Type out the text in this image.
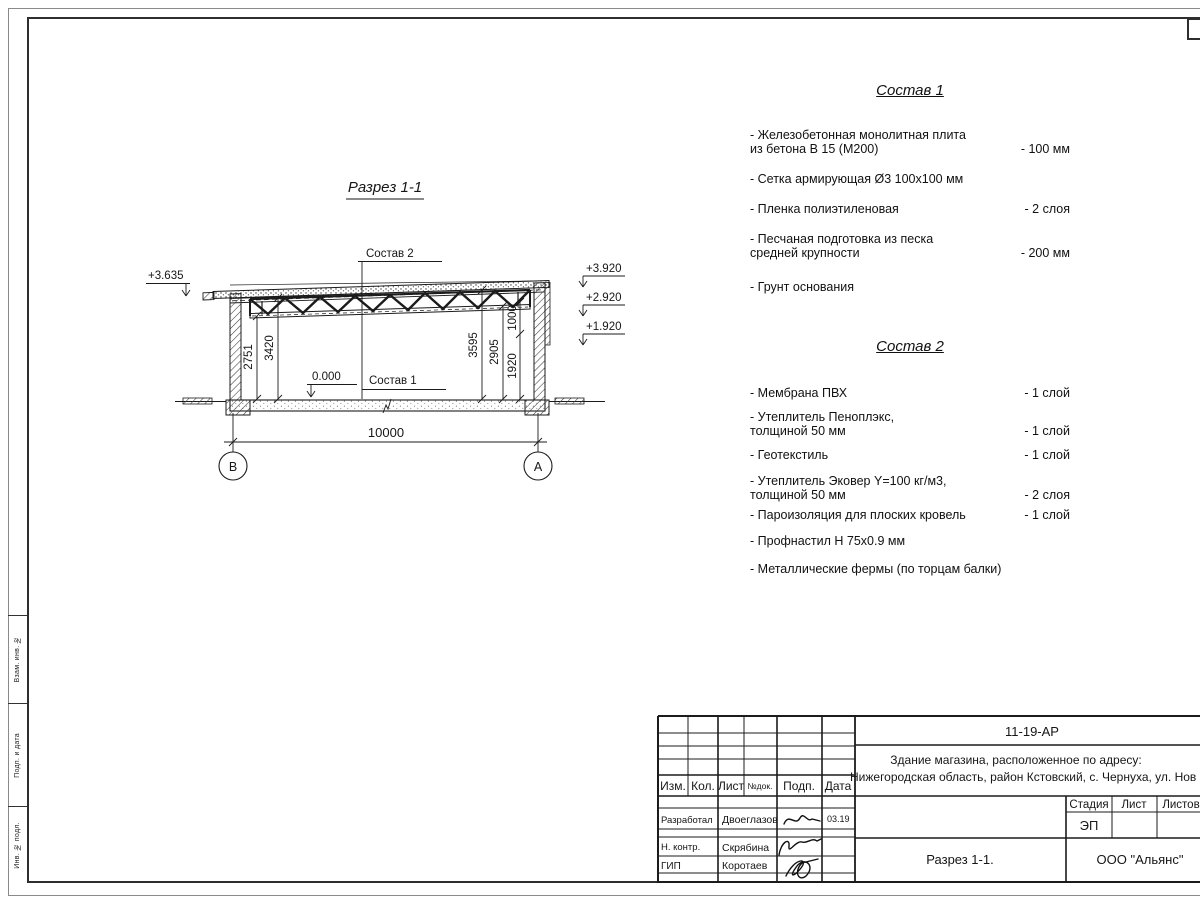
Взам. инв. №
Подп. и дата
Инв. № подл.
Разрез 1-1
Состав 2
Состав 1
+3.635
+3.920
+2.920
+1.920
0.000
2751 3420	3595 2905
1920
1000
10000
В	А
Состав 1
- Железобетонная монолитная плита
из бетона В 15 (М200)	- 100 мм
- Сетка армирующая Ø3 100x100 мм
- Пленка полиэтиленовая	- 2 слоя
- Песчаная подготовка из песка
средней крупности	- 200 мм
- Грунт основания
Состав 2
- Мембрана ПВХ	- 1 слой
- Утеплитель Пеноплэкс,
толщиной 50 мм	- 1 слой
- Геотекстиль	- 1 слой
- Утеплитель Эковер Y=100 кг/м3,
толщиной 50 мм	- 2 слоя
- Пароизоляция для плоских кровель	- 1 слой
- Профнастил Н 75х0.9 мм
- Металлические фермы (по торцам балки)
Изм. Кол. Лист №док. Подп. Дата
Разработал Двоеглазов	03.19
Н. контр. Скрябина
ГИП	Коротаев
11-19-АР
Здание магазина, расположенное по адресу:
Нижегородская область, район Кстовский, с. Чернуха, ул. Нов
Стадия Лист Листов
ЭП
Разрез 1-1.	ООО "Альянс"
